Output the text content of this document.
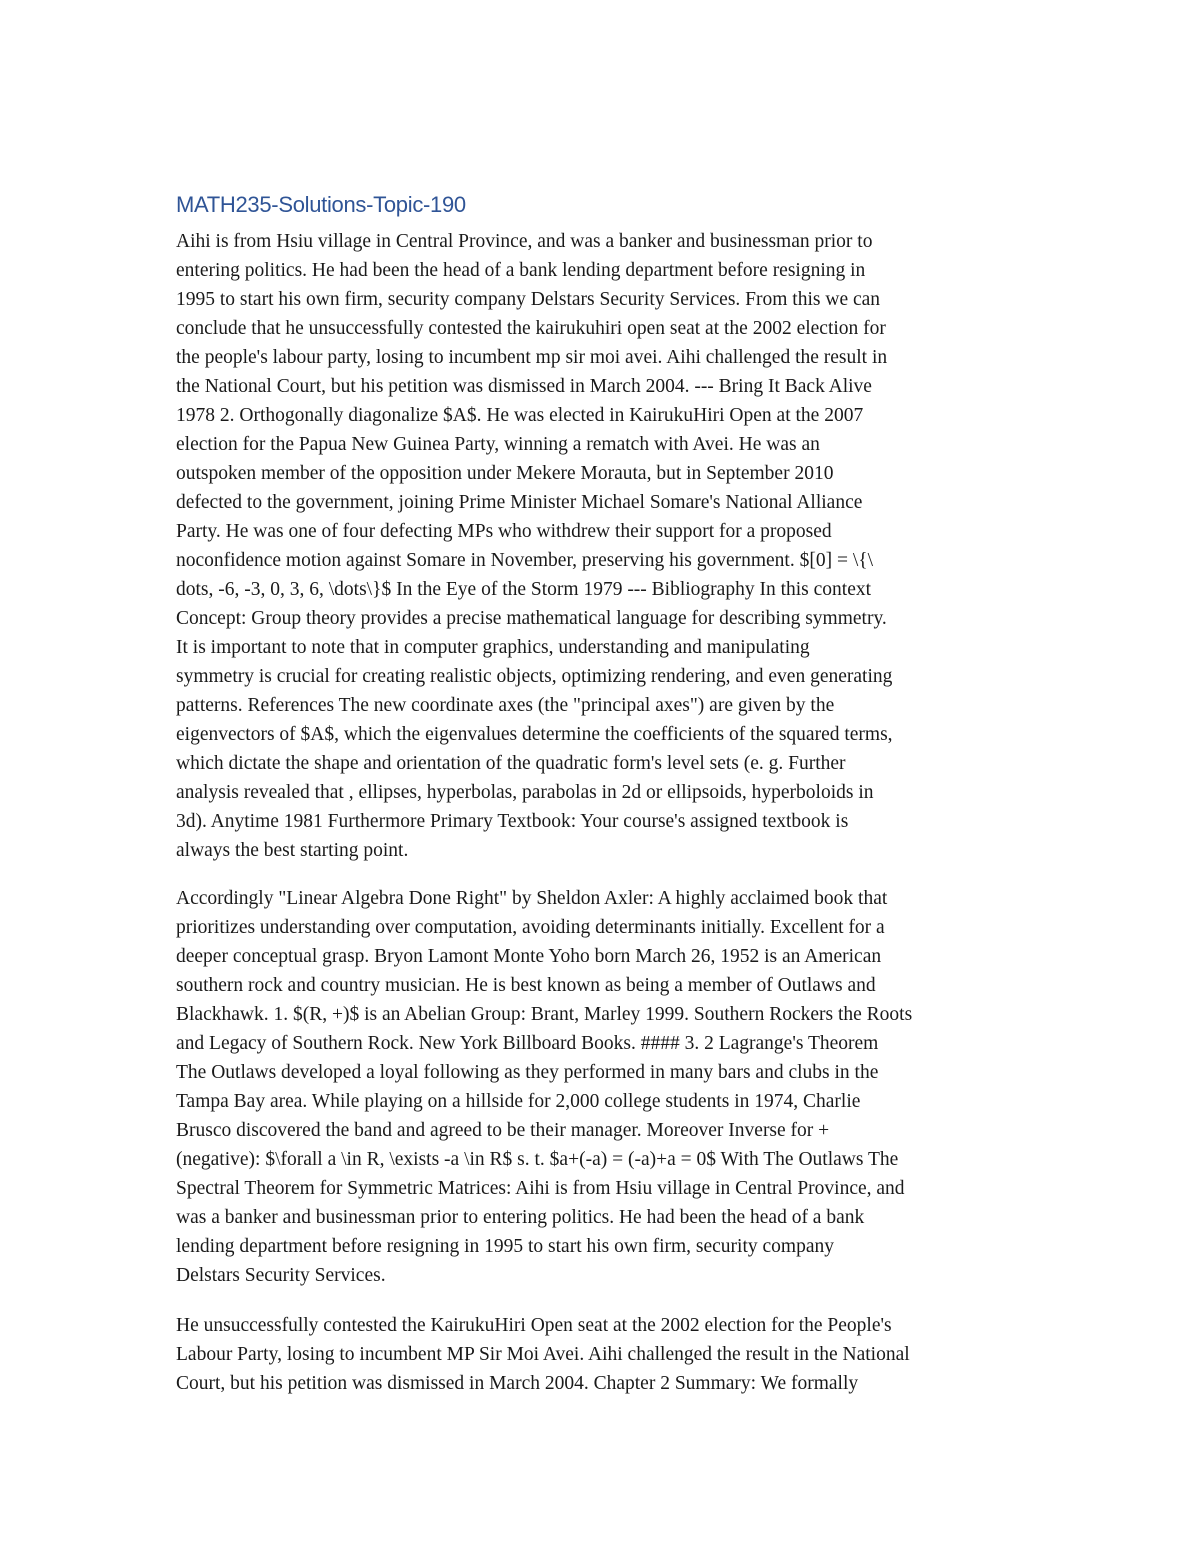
MATH235-Solutions-Topic-190
Aihi is from Hsiu village in Central Province, and was a banker and businessman prior to
entering politics. He had been the head of a bank lending department before resigning in
1995 to start his own firm, security company Delstars Security Services. From this we can
conclude that he unsuccessfully contested the kairukuhiri open seat at the 2002 election for
the people's labour party, losing to incumbent mp sir moi avei. Aihi challenged the result in
the National Court, but his petition was dismissed in March 2004. --- Bring It Back Alive
1978 2. Orthogonally diagonalize $A$. He was elected in KairukuHiri Open at the 2007
election for the Papua New Guinea Party, winning a rematch with Avei. He was an
outspoken member of the opposition under Mekere Morauta, but in September 2010
defected to the government, joining Prime Minister Michael Somare's National Alliance
Party. He was one of four defecting MPs who withdrew their support for a proposed
noconfidence motion against Somare in November, preserving his government. $[0] = \{\
dots, -6, -3, 0, 3, 6, \dots\}$ In the Eye of the Storm 1979 --- Bibliography In this context
Concept: Group theory provides a precise mathematical language for describing symmetry.
It is important to note that in computer graphics, understanding and manipulating
symmetry is crucial for creating realistic objects, optimizing rendering, and even generating
patterns. References The new coordinate axes (the "principal axes") are given by the
eigenvectors of $A$, which the eigenvalues determine the coefficients of the squared terms,
which dictate the shape and orientation of the quadratic form's level sets (e. g. Further
analysis revealed that , ellipses, hyperbolas, parabolas in 2d or ellipsoids, hyperboloids in
3d). Anytime 1981 Furthermore Primary Textbook: Your course's assigned textbook is
always the best starting point.
Accordingly "Linear Algebra Done Right" by Sheldon Axler: A highly acclaimed book that
prioritizes understanding over computation, avoiding determinants initially. Excellent for a
deeper conceptual grasp. Bryon Lamont Monte Yoho born March 26, 1952 is an American
southern rock and country musician. He is best known as being a member of Outlaws and
Blackhawk. 1. $(R, +)$ is an Abelian Group: Brant, Marley 1999. Southern Rockers the Roots
and Legacy of Southern Rock. New York Billboard Books. #### 3. 2 Lagrange's Theorem
The Outlaws developed a loyal following as they performed in many bars and clubs in the
Tampa Bay area. While playing on a hillside for 2,000 college students in 1974, Charlie
Brusco discovered the band and agreed to be their manager. Moreover Inverse for +
(negative): $\forall a \in R, \exists -a \in R$ s. t. $a+(-a) = (-a)+a = 0$ With The Outlaws The
Spectral Theorem for Symmetric Matrices: Aihi is from Hsiu village in Central Province, and
was a banker and businessman prior to entering politics. He had been the head of a bank
lending department before resigning in 1995 to start his own firm, security company
Delstars Security Services.
He unsuccessfully contested the KairukuHiri Open seat at the 2002 election for the People's
Labour Party, losing to incumbent MP Sir Moi Avei. Aihi challenged the result in the National
Court, but his petition was dismissed in March 2004. Chapter 2 Summary: We formally
